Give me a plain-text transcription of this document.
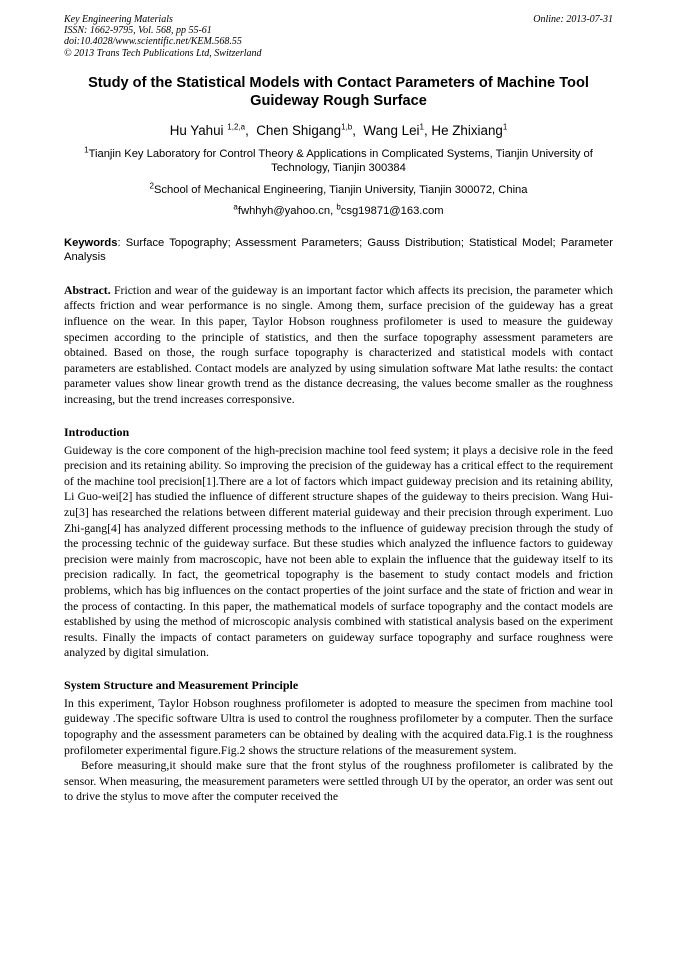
Key Engineering Materials
ISSN: 1662-9795, Vol. 568, pp 55-61
doi:10.4028/www.scientific.net/KEM.568.55
© 2013 Trans Tech Publications Ltd, Switzerland
Online: 2013-07-31
Study of the Statistical Models with Contact Parameters of Machine Tool
Guideway Rough Surface
Hu Yahui $^{1,2,a}$,  Chen Shigang$^{1,b}$,  Wang Lei$^1$, He Zhixiang$^1$
$^1$Tianjin Key Laboratory for Control Theory & Applications in Complicated Systems, Tianjin University of Technology, Tianjin 300384
$^2$School of Mechanical Engineering, Tianjin University, Tianjin 300072, China
$^a$fwhhyh@yahoo.cn, $^b$csg19871@163.com
Keywords: Surface Topography; Assessment Parameters; Gauss Distribution; Statistical Model; Parameter Analysis

Abstract. Friction and wear of the guideway is an important factor which affects its precision, the parameter which affects friction and wear performance is no single. Among them, surface precision of the guideway has a great influence on the wear. In this paper, Taylor Hobson roughness profilometer is used to measure the guideway specimen according to the principle of statistics, and then the surface topography assessment parameters are obtained. Based on those, the rough surface topography is characterized and statistical models with contact parameters are established. Contact models are analyzed by using simulation software Mat lathe results: the contact parameter values show linear growth trend as the distance decreasing, the values become smaller as the roughness increasing, but the trend increases corresponsive.

Introduction

Guideway is the core component of the high-precision machine tool feed system; it plays a decisive role in the feed precision and its retaining ability. So improving the precision of the guideway has a critical effect to the requirement of the machine tool precision[1].There are a lot of factors which impact guideway precision and its retaining ability, Li Guo-wei[2] has studied the influence of different structure shapes of the guideway to theirs precision. Wang Hui-zu[3] has researched the relations between different material guideway and their precision through experiment. Luo Zhi-gang[4] has analyzed different processing methods to the influence of guideway precision through the study of the processing technic of the guideway surface. But these studies which analyzed the influence factors to guideway precision were mainly from macroscopic, have not been able to explain the influence that the guideway itself to its precision radically. In fact, the geometrical topography is the basement to study contact models and friction problems, which has big influences on the contact properties of the joint surface and the state of friction and wear in the process of contacting. In this paper, the mathematical models of surface topography and the contact models are established by using the method of microscopic analysis combined with statistical analysis based on the experiment results. Finally the impacts of contact parameters on guideway surface topography and surface roughness were analyzed by digital simulation.

System Structure and Measurement Principle

In this experiment, Taylor Hobson roughness profilometer is adopted to measure the specimen from machine tool guideway .The specific software Ultra is used to control the roughness profilometer by a computer. Then the surface topography and the assessment parameters can be obtained by dealing with the acquired data.Fig.1 is the roughness profilometer experimental figure.Fig.2 shows the structure relations of the measurement system.

Before measuring,it should make sure that the front stylus of the roughness profilometer is calibrated by the sensor. When measuring, the measurement parameters were settled through UI by the operator, an order was sent out to drive the stylus to move after the computer received the
